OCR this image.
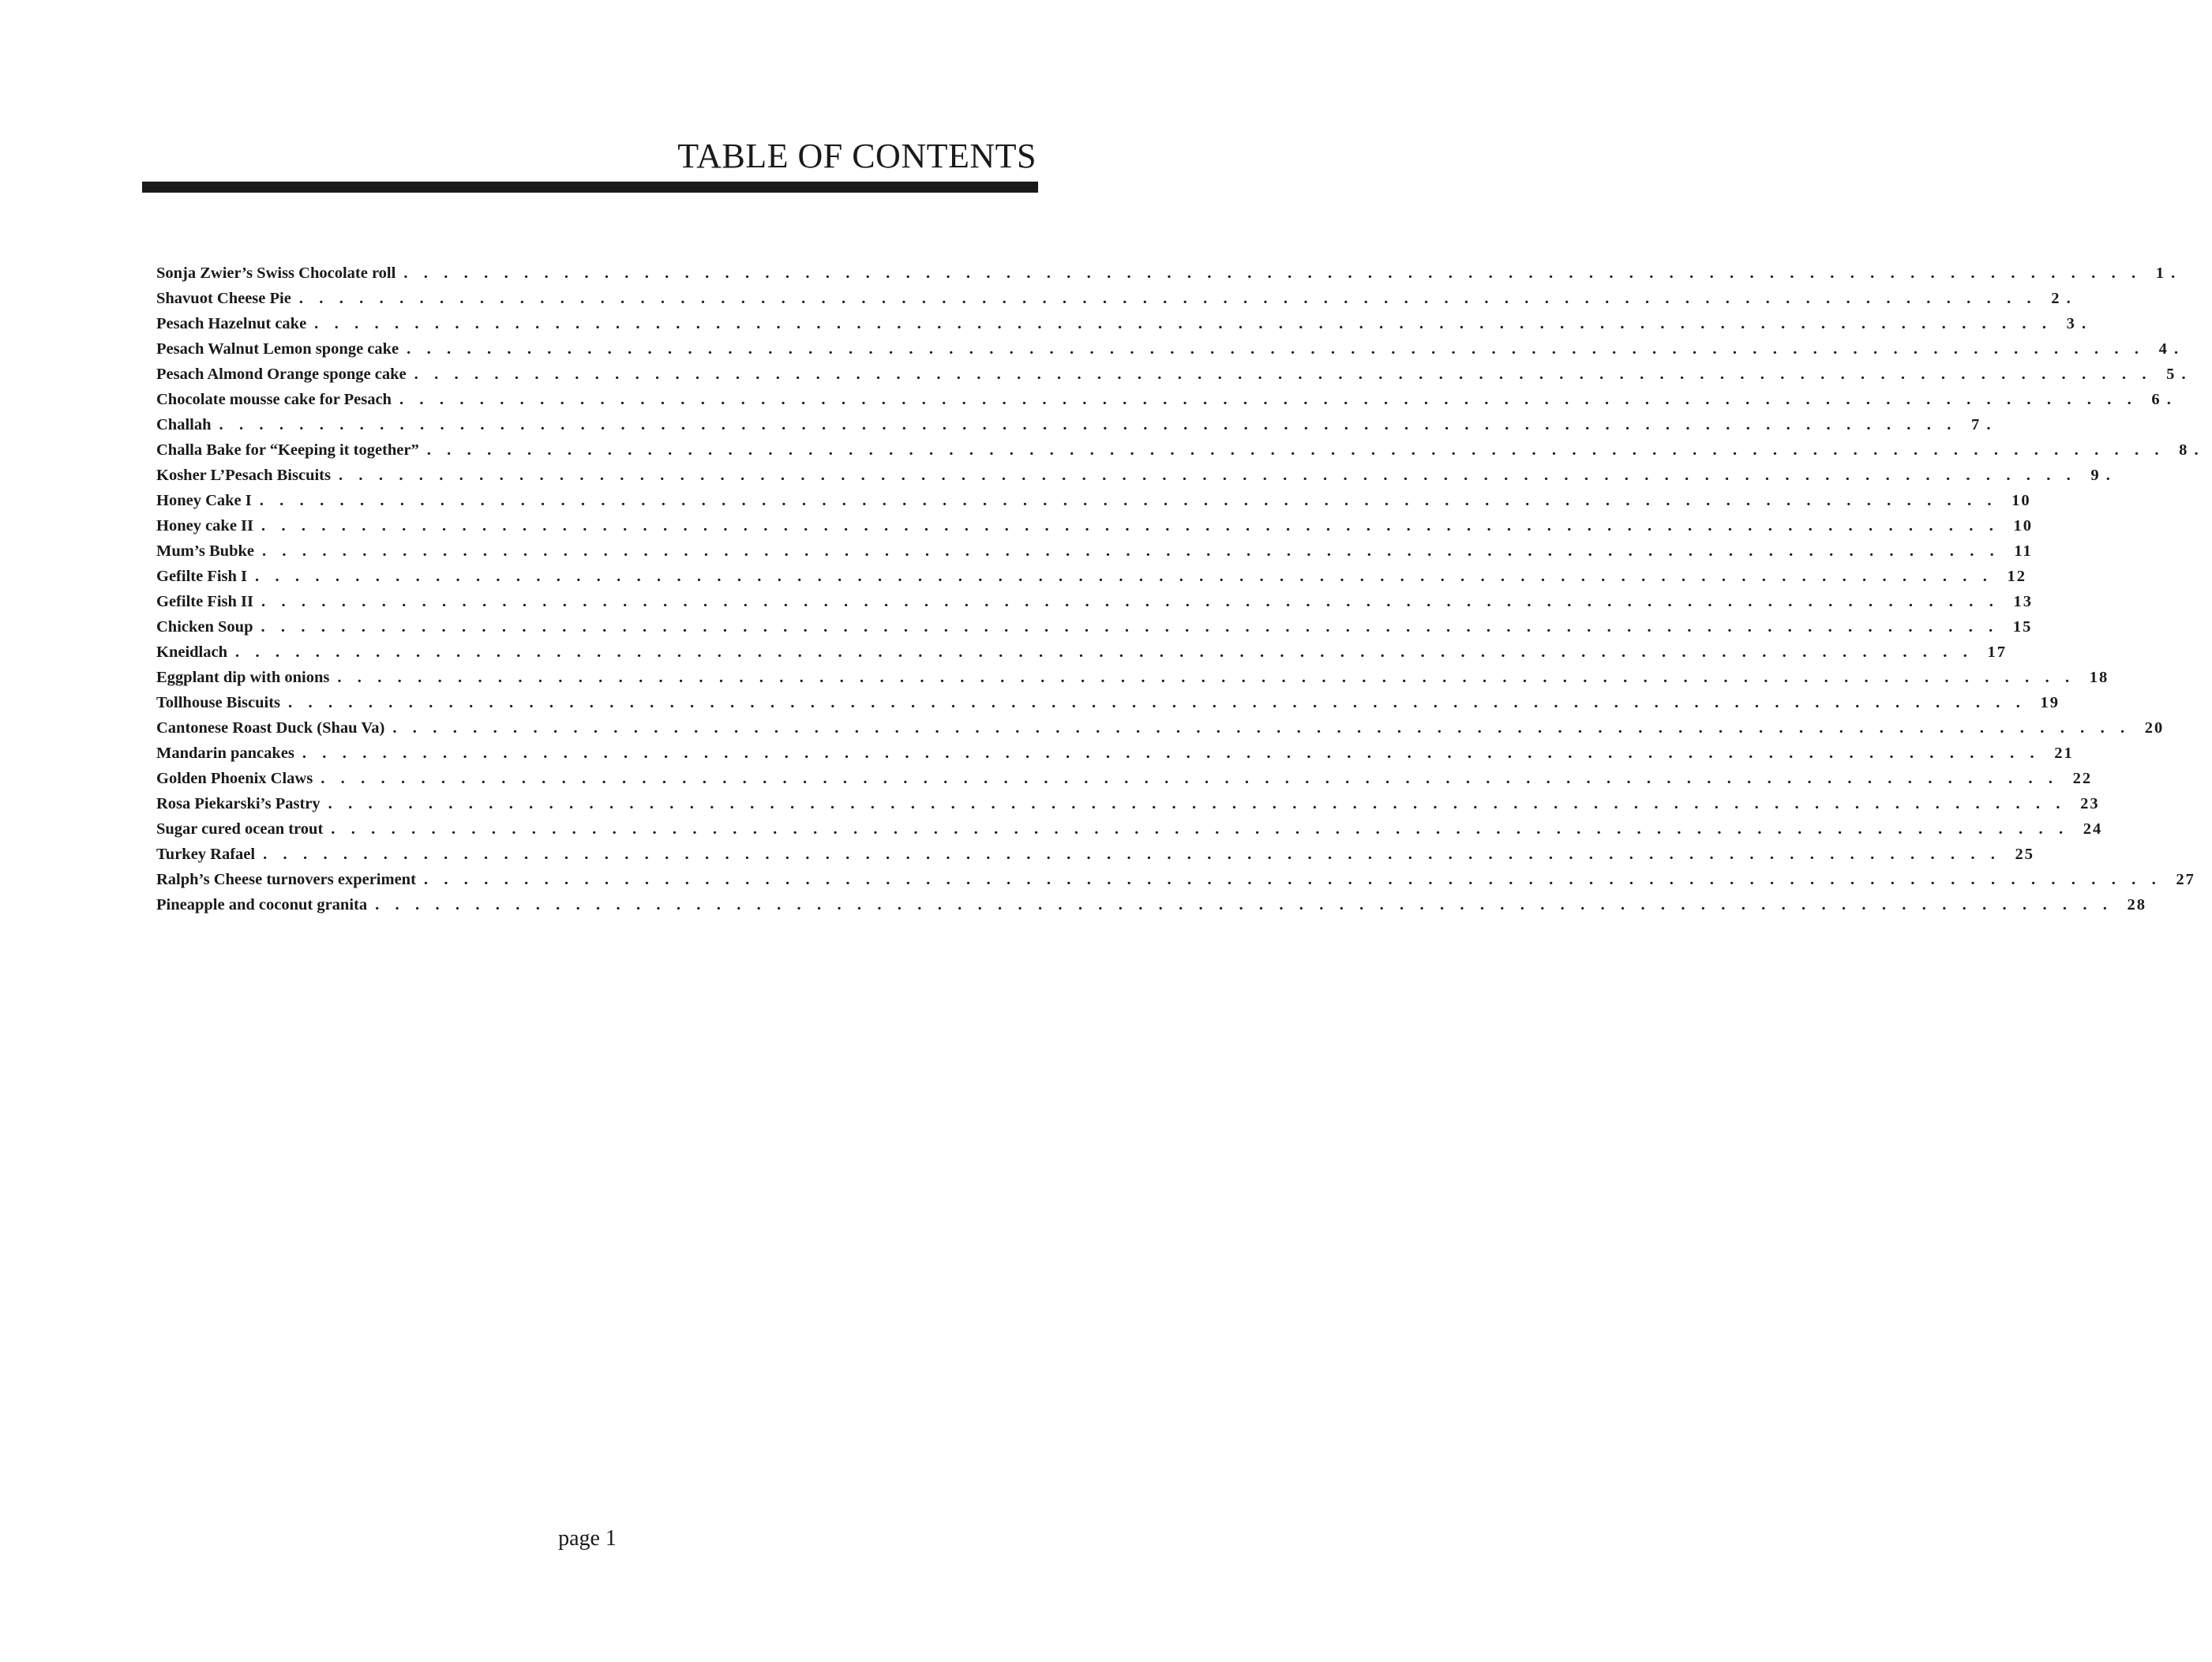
TABLE OF CONTENTS
Sonja Zwier’s Swiss Chocolate roll . . . . . . . . . . . . . . . . . . . . . . . . . . . . . . . . . . . . . . . . . . . . . . . . . . . . . . . . . . . . . . . . . . . . . . . . . . . . . . . . . . . . . . . 1 .
Shavuot Cheese Pie . . . . . . . . . . . . . . . . . . . . . . . . . . . . . . . . . . . . . . . . . . . . . . . . . . . . . . . . . . . . . . . . . . . . . . . . . . . . . . . . . . . . . . . 2 .
Pesach Hazelnut cake . . . . . . . . . . . . . . . . . . . . . . . . . . . . . . . . . . . . . . . . . . . . . . . . . . . . . . . . . . . . . . . . . . . . . . . . . . . . . . . . . . . . . . . 3 .
Pesach Walnut Lemon sponge cake . . . . . . . . . . . . . . . . . . . . . . . . . . . . . . . . . . . . . . . . . . . . . . . . . . . . . . . . . . . . . . . . . . . . . . . . . . . . . . . . . . . . . . . 4 .
Pesach Almond Orange sponge cake . . . . . . . . . . . . . . . . . . . . . . . . . . . . . . . . . . . . . . . . . . . . . . . . . . . . . . . . . . . . . . . . . . . . . . . . . . . . . . . . . . . . . . . 5 .
Chocolate mousse cake for Pesach . . . . . . . . . . . . . . . . . . . . . . . . . . . . . . . . . . . . . . . . . . . . . . . . . . . . . . . . . . . . . . . . . . . . . . . . . . . . . . . . . . . . . . . 6 .
Challah . . . . . . . . . . . . . . . . . . . . . . . . . . . . . . . . . . . . . . . . . . . . . . . . . . . . . . . . . . . . . . . . . . . . . . . . . . . . . . . . . . . . . . . 7 .
Challa Bake for “Keeping it together” . . . . . . . . . . . . . . . . . . . . . . . . . . . . . . . . . . . . . . . . . . . . . . . . . . . . . . . . . . . . . . . . . . . . . . . . . . . . . . . . . . . . . . . 8 .
Kosher L’Pesach Biscuits . . . . . . . . . . . . . . . . . . . . . . . . . . . . . . . . . . . . . . . . . . . . . . . . . . . . . . . . . . . . . . . . . . . . . . . . . . . . . . . . . . . . . . . 9 .
Honey Cake I . . . . . . . . . . . . . . . . . . . . . . . . . . . . . . . . . . . . . . . . . . . . . . . . . . . . . . . . . . . . . . . . . . . . . . . . . . . . . . . . . . . . . . . 10
Honey cake II . . . . . . . . . . . . . . . . . . . . . . . . . . . . . . . . . . . . . . . . . . . . . . . . . . . . . . . . . . . . . . . . . . . . . . . . . . . . . . . . . . . . . . . 10
Mum’s Bubke . . . . . . . . . . . . . . . . . . . . . . . . . . . . . . . . . . . . . . . . . . . . . . . . . . . . . . . . . . . . . . . . . . . . . . . . . . . . . . . . . . . . . . . 11
Gefilte Fish I . . . . . . . . . . . . . . . . . . . . . . . . . . . . . . . . . . . . . . . . . . . . . . . . . . . . . . . . . . . . . . . . . . . . . . . . . . . . . . . . . . . . . . . 12
Gefilte Fish II . . . . . . . . . . . . . . . . . . . . . . . . . . . . . . . . . . . . . . . . . . . . . . . . . . . . . . . . . . . . . . . . . . . . . . . . . . . . . . . . . . . . . . . 13
Chicken Soup . . . . . . . . . . . . . . . . . . . . . . . . . . . . . . . . . . . . . . . . . . . . . . . . . . . . . . . . . . . . . . . . . . . . . . . . . . . . . . . . . . . . . . . 15
Kneidlach . . . . . . . . . . . . . . . . . . . . . . . . . . . . . . . . . . . . . . . . . . . . . . . . . . . . . . . . . . . . . . . . . . . . . . . . . . . . . . . . . . . . . . . 17
Eggplant dip with onions . . . . . . . . . . . . . . . . . . . . . . . . . . . . . . . . . . . . . . . . . . . . . . . . . . . . . . . . . . . . . . . . . . . . . . . . . . . . . . . . . . . . . . . 18
Tollhouse Biscuits . . . . . . . . . . . . . . . . . . . . . . . . . . . . . . . . . . . . . . . . . . . . . . . . . . . . . . . . . . . . . . . . . . . . . . . . . . . . . . . . . . . . . . . 19
Cantonese Roast Duck (Shau Va) . . . . . . . . . . . . . . . . . . . . . . . . . . . . . . . . . . . . . . . . . . . . . . . . . . . . . . . . . . . . . . . . . . . . . . . . . . . . . . . . . . . . . . . 20
Mandarin pancakes . . . . . . . . . . . . . . . . . . . . . . . . . . . . . . . . . . . . . . . . . . . . . . . . . . . . . . . . . . . . . . . . . . . . . . . . . . . . . . . . . . . . . . . 21
Golden Phoenix Claws . . . . . . . . . . . . . . . . . . . . . . . . . . . . . . . . . . . . . . . . . . . . . . . . . . . . . . . . . . . . . . . . . . . . . . . . . . . . . . . . . . . . . . . 22
Rosa Piekarski’s Pastry . . . . . . . . . . . . . . . . . . . . . . . . . . . . . . . . . . . . . . . . . . . . . . . . . . . . . . . . . . . . . . . . . . . . . . . . . . . . . . . . . . . . . . . 23
Sugar cured ocean trout . . . . . . . . . . . . . . . . . . . . . . . . . . . . . . . . . . . . . . . . . . . . . . . . . . . . . . . . . . . . . . . . . . . . . . . . . . . . . . . . . . . . . . . 24
Turkey Rafael . . . . . . . . . . . . . . . . . . . . . . . . . . . . . . . . . . . . . . . . . . . . . . . . . . . . . . . . . . . . . . . . . . . . . . . . . . . . . . . . . . . . . . . 25
Ralph’s Cheese turnovers experiment . . . . . . . . . . . . . . . . . . . . . . . . . . . . . . . . . . . . . . . . . . . . . . . . . . . . . . . . . . . . . . . . . . . . . . . . . . . . . . . . . . . . . . . 27
Pineapple and coconut granita . . . . . . . . . . . . . . . . . . . . . . . . . . . . . . . . . . . . . . . . . . . . . . . . . . . . . . . . . . . . . . . . . . . . . . . . . . . . . . . . . . . . . . . 28
page 1
